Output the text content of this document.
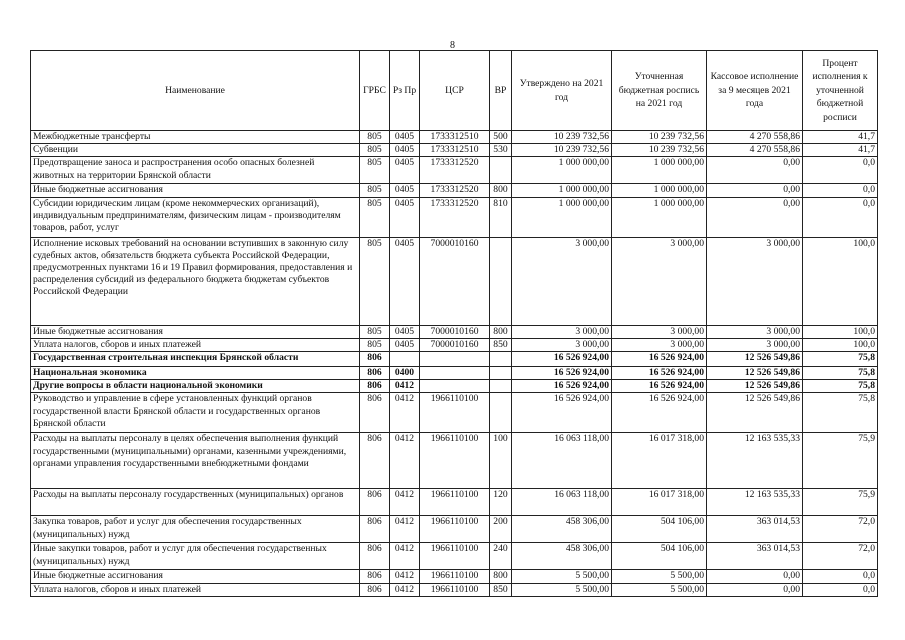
8
Наименование	ГРБС	Рз Пр	ЦСР	ВР	Утверждено на 2021 год	Уточненная бюджетная роспись на 2021 год	Кассовое исполнение за 9 месяцев 2021 года	Процент исполнения к уточненной бюджетной росписи
Межбюджетные трансферты	805	0405	1733312510	500	10 239 732,56	10 239 732,56	4 270 558,86	41,7
Субвенции	805	0405	1733312510	530	10 239 732,56	10 239 732,56	4 270 558,86	41,7
Предотвращение заноса и распространения особо опасных болезней животных на территории Брянской области	805	0405	1733312520		1 000 000,00	1 000 000,00	0,00	0,0
Иные бюджетные ассигнования	805	0405	1733312520	800	1 000 000,00	1 000 000,00	0,00	0,0
Субсидии юридическим лицам (кроме некоммерческих организаций), индивидуальным предпринимателям, физическим лицам - производителям товаров, работ, услуг	805	0405	1733312520	810	1 000 000,00	1 000 000,00	0,00	0,0
Исполнение исковых требований на основании вступивших в законную силу судебных актов, обязательств бюджета субъекта Российской Федерации, предусмотренных пунктами 16 и 19 Правил формирования, предоставления и распределения субсидий из федерального бюджета бюджетам субъектов Российской Федерации	805	0405	7000010160		3 000,00	3 000,00	3 000,00	100,0
Иные бюджетные ассигнования	805	0405	7000010160	800	3 000,00	3 000,00	3 000,00	100,0
Уплата налогов, сборов и иных платежей	805	0405	7000010160	850	3 000,00	3 000,00	3 000,00	100,0
Государственная строительная инспекция Брянской области	806				16 526 924,00	16 526 924,00	12 526 549,86	75,8
Национальная экономика	806	0400			16 526 924,00	16 526 924,00	12 526 549,86	75,8
Другие вопросы в области национальной экономики	806	0412			16 526 924,00	16 526 924,00	12 526 549,86	75,8
Руководство и управление в сфере установленных функций органов государственной власти Брянской области и государственных органов Брянской области	806	0412	1966110100		16 526 924,00	16 526 924,00	12 526 549,86	75,8
Расходы на выплаты персоналу в целях обеспечения выполнения функций государственными (муниципальными) органами, казенными учреждениями, органами управления государственными внебюджетными фондами	806	0412	1966110100	100	16 063 118,00	16 017 318,00	12 163 535,33	75,9
Расходы на выплаты персоналу государственных (муниципальных) органов	806	0412	1966110100	120	16 063 118,00	16 017 318,00	12 163 535,33	75,9
Закупка товаров, работ и услуг для обеспечения государственных (муниципальных) нужд	806	0412	1966110100	200	458 306,00	504 106,00	363 014,53	72,0
Иные закупки товаров, работ и услуг для обеспечения государственных (муниципальных) нужд	806	0412	1966110100	240	458 306,00	504 106,00	363 014,53	72,0
Иные бюджетные ассигнования	806	0412	1966110100	800	5 500,00	5 500,00	0,00	0,0
Уплата налогов, сборов и иных платежей	806	0412	1966110100	850	5 500,00	5 500,00	0,00	0,0
